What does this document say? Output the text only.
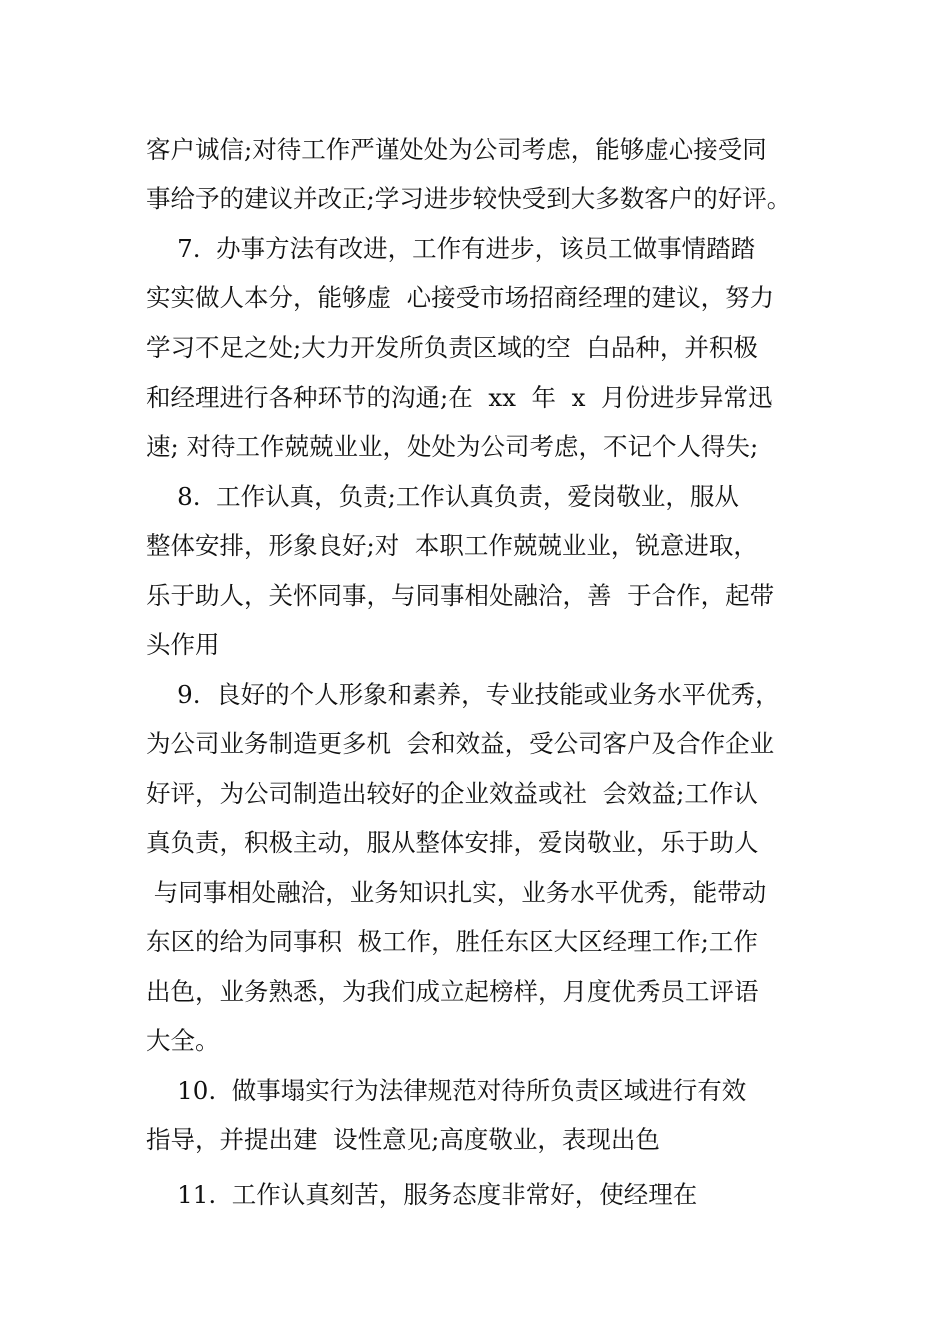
客户诚信;对待工作严谨处处为公司考虑，能够虚心接受同

事给予的建议并改正;学习进步较快受到大多数客户的好评。

7.  办事方法有改进，工作有进步，该员工做事情踏踏

实实做人本分，能够虚  心接受市场招商经理的建议，努力

学习不足之处;大力开发所负责区域的空  白品种，并积极

和经理进行各种环节的沟通;在  xx  年  x  月份进步异常迅

速; 对待工作兢兢业业，处处为公司考虑，不记个人得失;

8.  工作认真，负责;工作认真负责，爱岗敬业，服从

整体安排，形象良好;对  本职工作兢兢业业，锐意进取，

乐于助人，关怀同事，与同事相处融洽，善  于合作，起带

头作用

9.  良好的个人形象和素养，专业技能或业务水平优秀，

为公司业务制造更多机  会和效益，受公司客户及合作企业

好评，为公司制造出较好的企业效益或社  会效益;工作认

真负责，积极主动，服从整体安排，爱岗敬业，乐于助人

与同事相处融洽，业务知识扎实，业务水平优秀，能带动

东区的给为同事积  极工作，胜任东区大区经理工作;工作

出色，业务熟悉，为我们成立起榜样，月度优秀员工评语

大全。

10.  做事塌实行为法律规范对待所负责区域进行有效

指导，并提出建  设性意见;高度敬业，表现出色

11.  工作认真刻苦，服务态度非常好，使经理在
